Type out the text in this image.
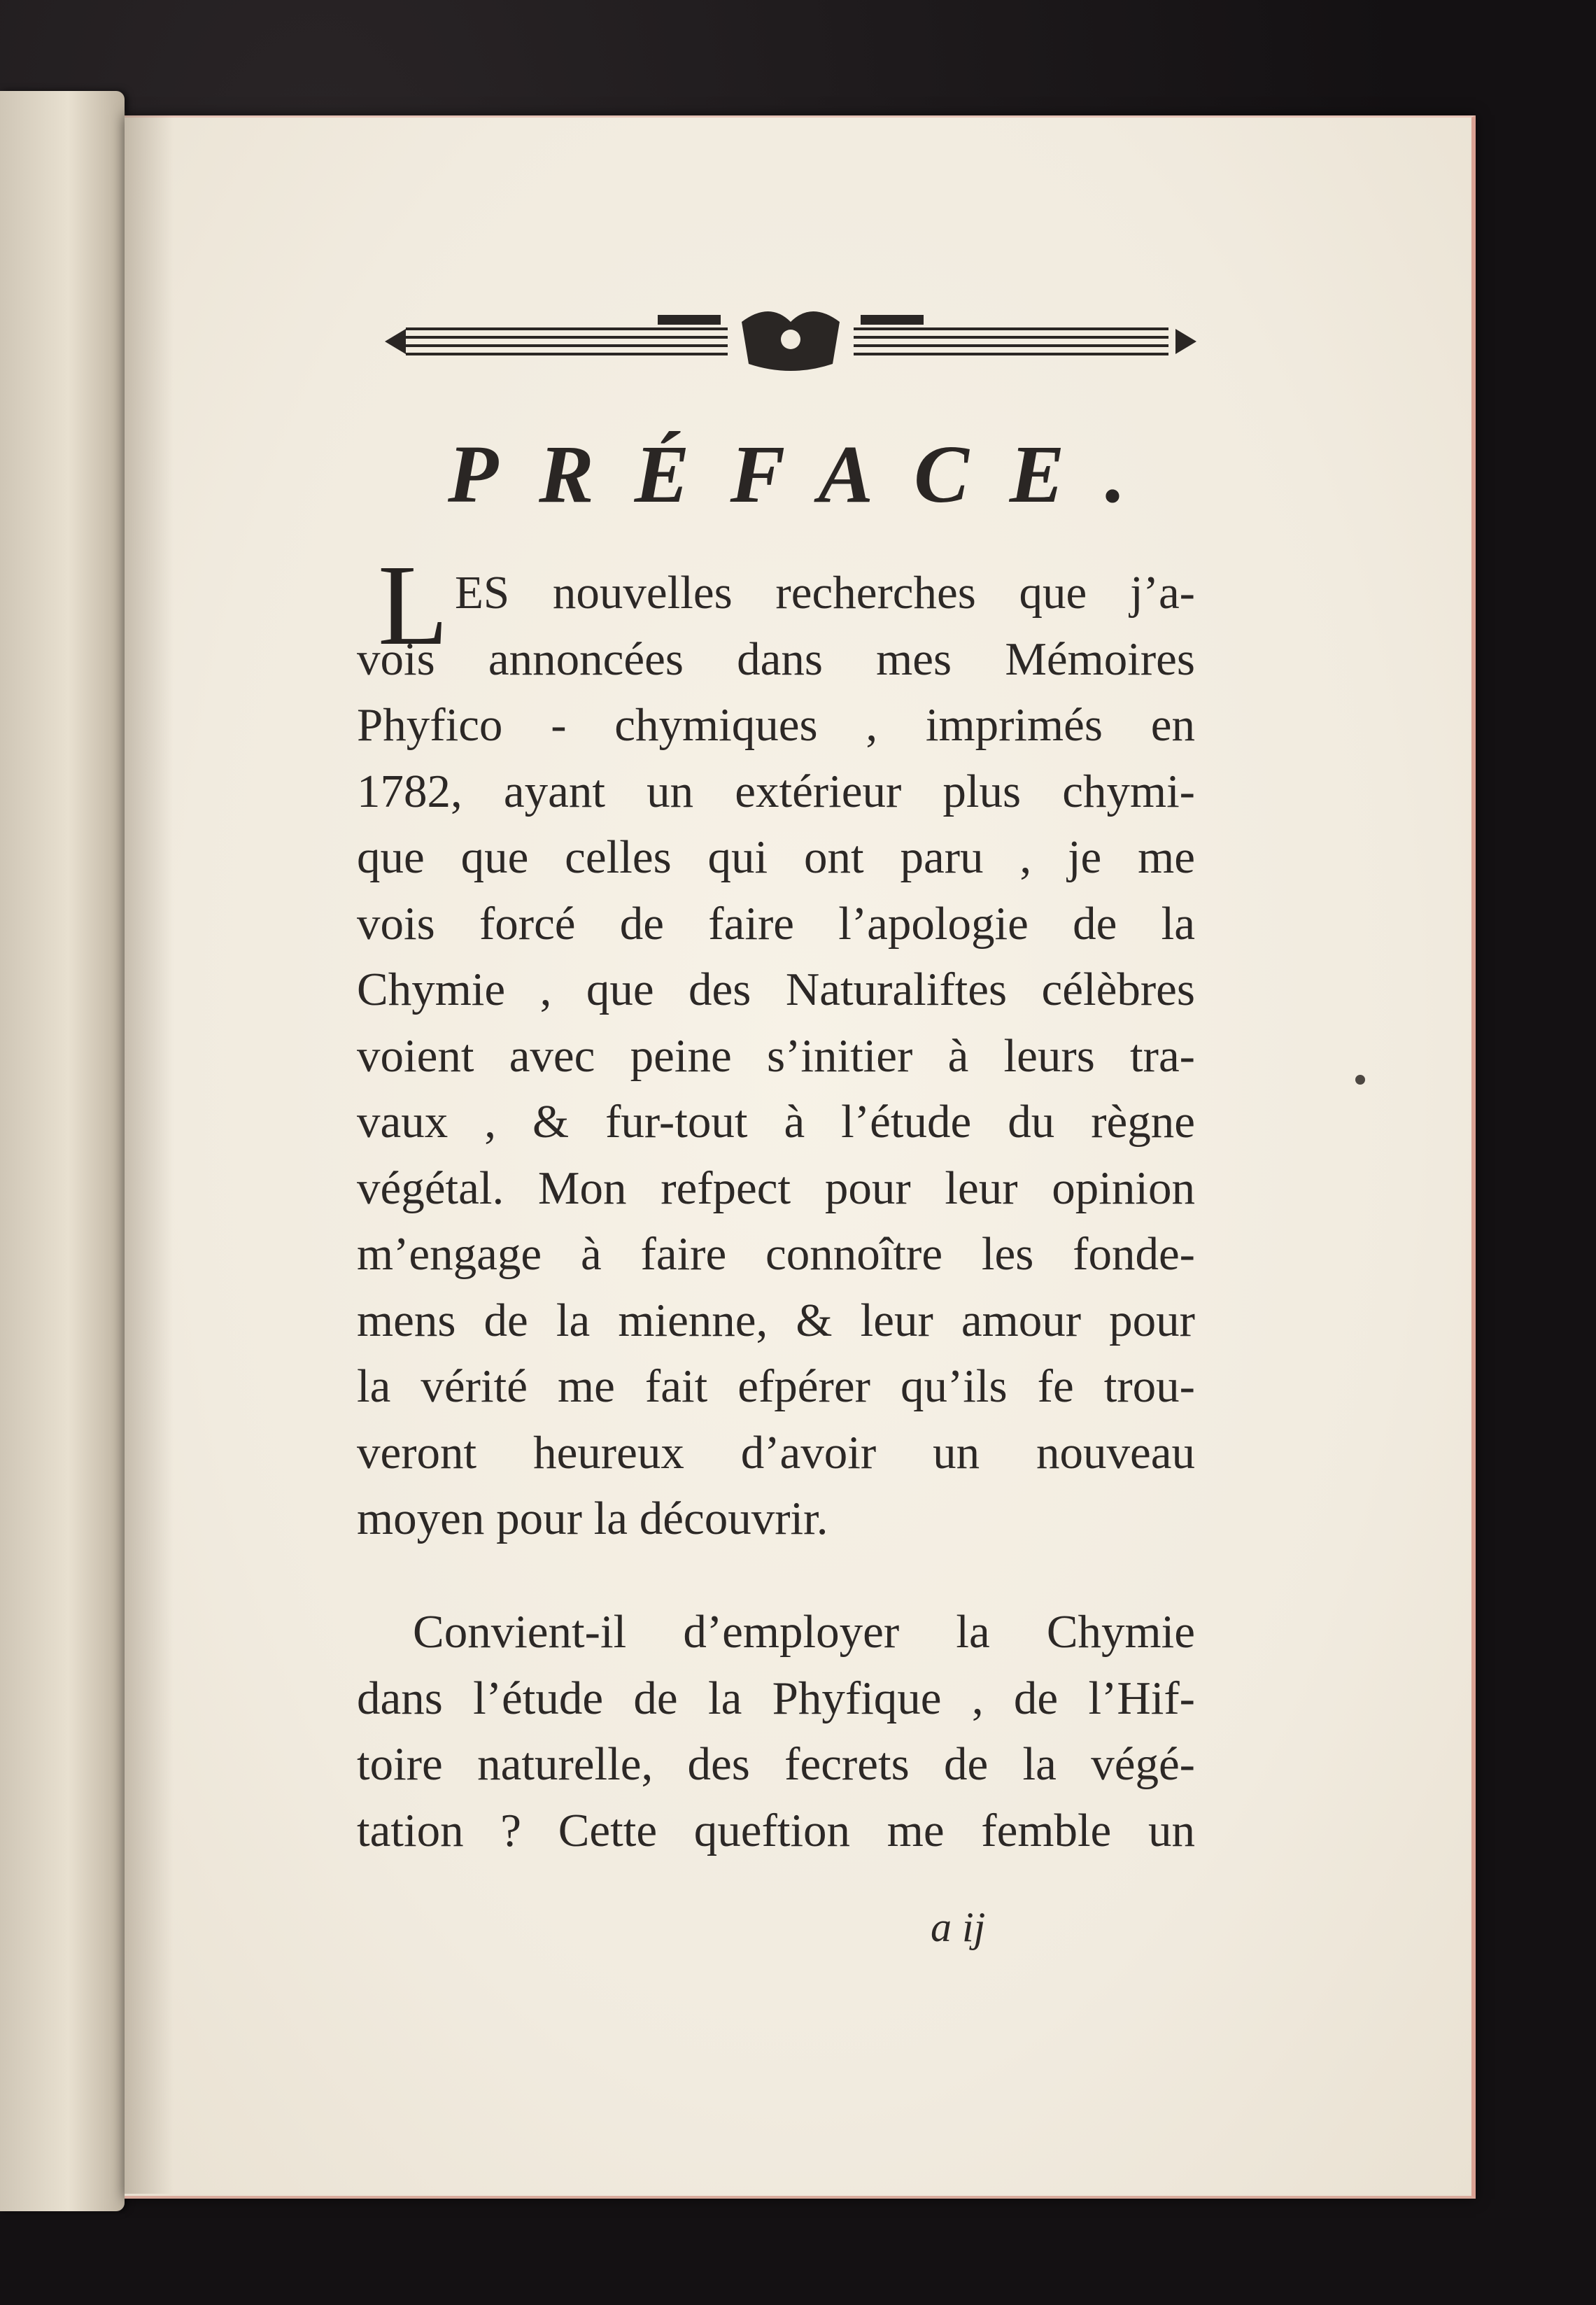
PRÉFACE.

L ES nouvelles recherches que j’a-
vois annoncées dans mes Mémoires
Phyfico - chymiques , imprimés en
1782, ayant un extérieur plus chymi-
que que celles qui ont paru , je me
vois forcé de faire l’apologie de la
Chymie , que des Naturaliftes célèbres
voient avec peine s’initier à leurs tra-
vaux , & fur-tout à l’étude du règne
végétal. Mon refpect pour leur opinion
m’engage à faire connoître les fonde-
mens de la mienne, & leur amour pour
la vérité me fait efpérer qu’ils fe trou-
veront heureux d’avoir un nouveau
moyen pour la découvrir.
Convient-il d’employer la Chymie
dans l’étude de la Phyfique , de l’Hif-
toire naturelle, des fecrets de la végé-
tation ? Cette queftion me femble un

a ij
